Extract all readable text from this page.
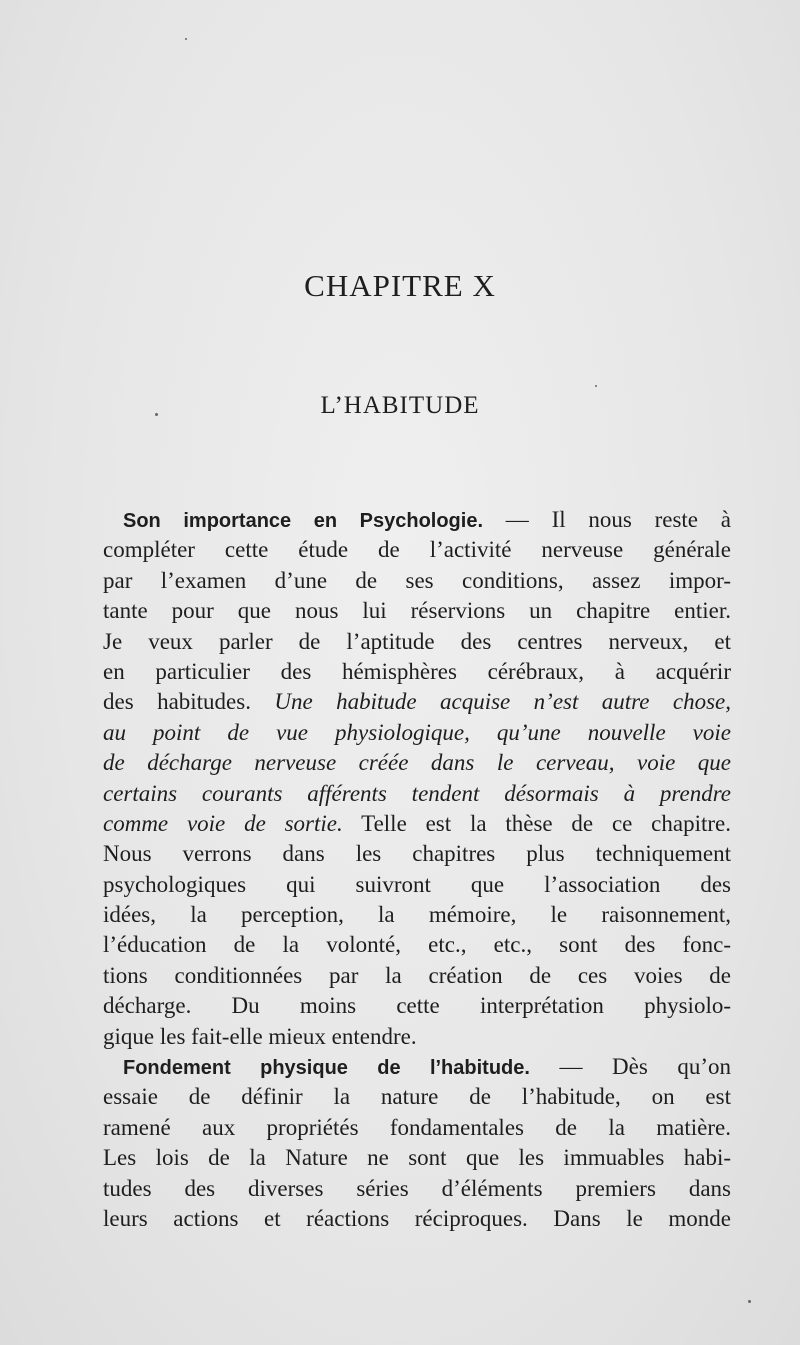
CHAPITRE X
L’HABITUDE
Son importance en Psychologie. — Il nous reste à
compléter cette étude de l’activité nerveuse générale
par l’examen d’une de ses conditions, assez impor-
tante pour que nous lui réservions un chapitre entier.
Je veux parler de l’aptitude des centres nerveux, et
en particulier des hémisphères cérébraux, à acquérir
des habitudes. Une habitude acquise n’est autre chose,
au point de vue physiologique, qu’une nouvelle voie
de décharge nerveuse créée dans le cerveau, voie que
certains courants afférents tendent désormais à prendre
comme voie de sortie. Telle est la thèse de ce chapitre.
Nous verrons dans les chapitres plus techniquement
psychologiques qui suivront que l’association des
idées, la perception, la mémoire, le raisonnement,
l’éducation de la volonté, etc., etc., sont des fonc-
tions conditionnées par la création de ces voies de
décharge. Du moins cette interprétation physiolo-
gique les fait-elle mieux entendre.
Fondement physique de l’habitude. — Dès qu’on
essaie de définir la nature de l’habitude, on est
ramené aux propriétés fondamentales de la matière.
Les lois de la Nature ne sont que les immuables habi-
tudes des diverses séries d’éléments premiers dans
leurs actions et réactions réciproques. Dans le monde
